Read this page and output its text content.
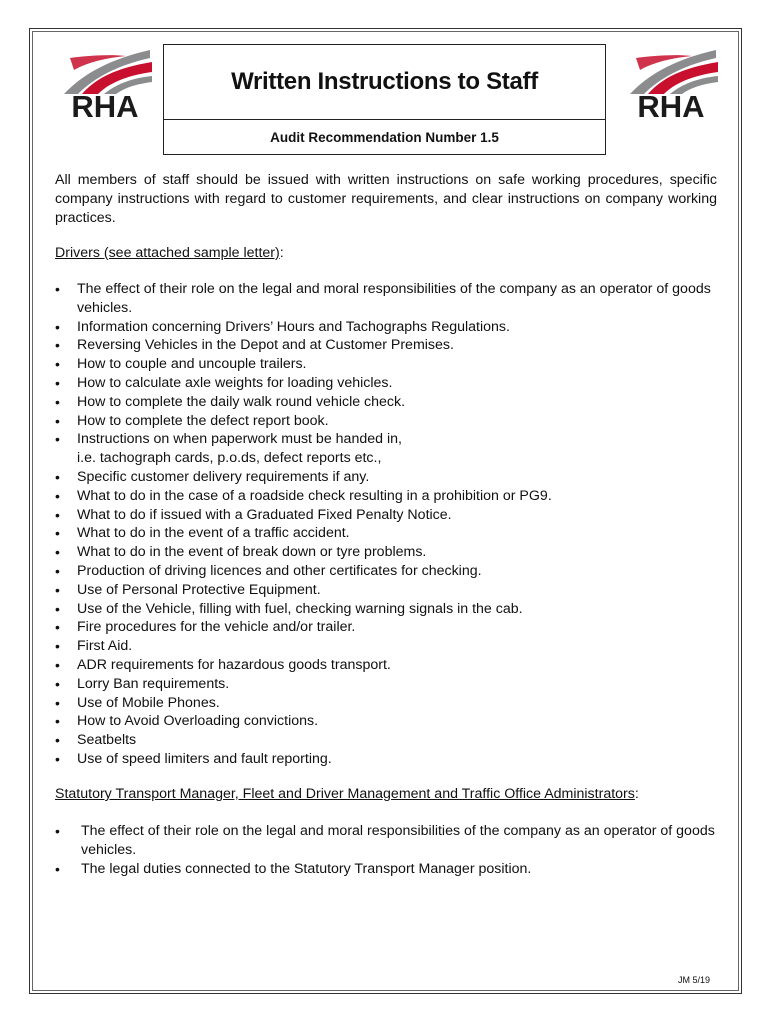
RHA
Written Instructions to Staff
Audit Recommendation Number 1.5
RHA

All members of staff should be issued with written instructions on safe working procedures, specific company instructions with regard to customer requirements, and clear instructions on company working practices.

Drivers (see attached sample letter):

• The effect of their role on the legal and moral responsibilities of the company as an operator of goods vehicles.
• Information concerning Drivers’ Hours and Tachographs Regulations.
• Reversing Vehicles in the Depot and at Customer Premises.
• How to couple and uncouple trailers.
• How to calculate axle weights for loading vehicles.
• How to complete the daily walk round vehicle check.
• How to complete the defect report book.
• Instructions on when paperwork must be handed in,
i.e. tachograph cards, p.o.ds, defect reports etc.,
• Specific customer delivery requirements if any.
• What to do in the case of a roadside check resulting in a prohibition or PG9.
• What to do if issued with a Graduated Fixed Penalty Notice.
• What to do in the event of a traffic accident.
• What to do in the event of break down or tyre problems.
• Production of driving licences and other certificates for checking.
• Use of Personal Protective Equipment.
• Use of the Vehicle, filling with fuel, checking warning signals in the cab.
• Fire procedures for the vehicle and/or trailer.
• First Aid.
• ADR requirements for hazardous goods transport.
• Lorry Ban requirements.
• Use of Mobile Phones.
• How to Avoid Overloading convictions.
• Seatbelts
• Use of speed limiters and fault reporting.

Statutory Transport Manager, Fleet and Driver Management and Traffic Office Administrators:

• The effect of their role on the legal and moral responsibilities of the company as an operator of goods vehicles.
• The legal duties connected to the Statutory Transport Manager position.
JM 5/19
